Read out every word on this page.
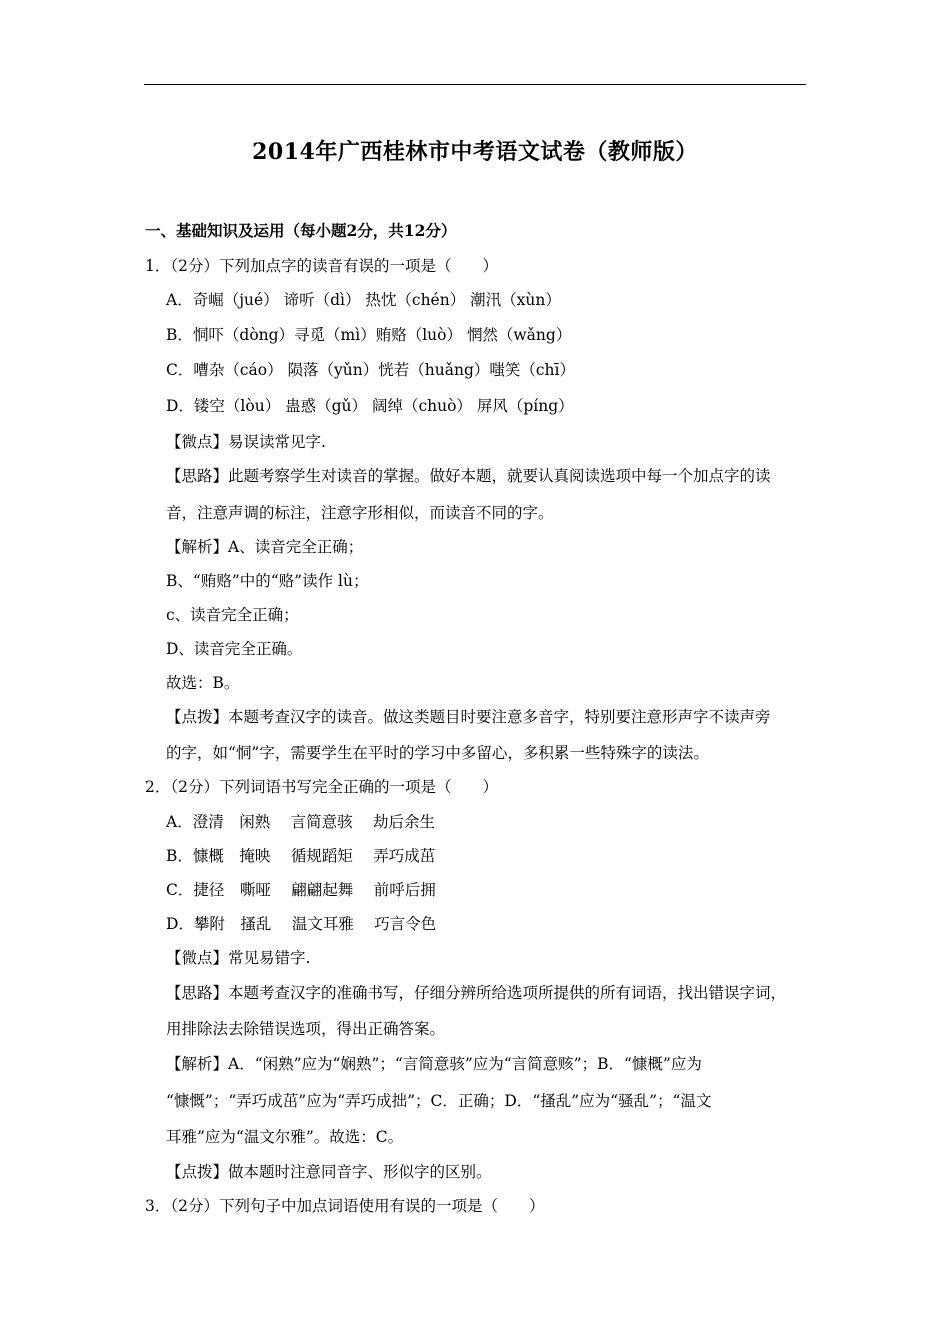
2014年广西桂林市中考语文试卷（教师版）
一、基础知识及运用（每小题2分，共12分）
1．（2分）下列加点字的读音有误的一项是（　　）
A．奇崛（jué） 谛听（dì） 热忱（chén） 潮汛（xùn）
B．恫吓（dòng）寻觅（mì）贿赂（luò） 惘然（wǎng）
C．嘈杂（cáo） 陨落（yǔn）恍若（huǎng）嗤笑（chī）
D．镂空（lòu） 蛊惑（gǔ） 阔绰（chuò） 屏风（píng）
【微点】易误读常见字.
【思路】此题考察学生对读音的掌握。做好本题，就要认真阅读选项中每一个加点字的读
音，注意声调的标注，注意字形相似，而读音不同的字。
【解析】A、读音完全正确；
B、“贿赂”中的“赂”读作 lù；
c、读音完全正确；
D、读音完全正确。
故选：B。
【点拨】本题考查汉字的读音。做这类题目时要注意多音字，特别要注意形声字不读声旁
的字，如“恫”字，需要学生在平时的学习中多留心，多积累一些特殊字的读法。
2．（2分）下列词语书写完全正确的一项是（　　）
A．澄清　闲熟　 言简意骇　 劫后余生
B．慷概　掩映　 循规蹈矩　 弄巧成茁
C．捷径　嘶哑　 翩翩起舞　 前呼后拥
D．攀附　搔乱　 温文耳雅　 巧言令色
【微点】常见易错字.
【思路】本题考查汉字的准确书写，仔细分辨所给选项所提供的所有词语，找出错误字词，
用排除法去除错误选项，得出正确答案。
【解析】A．“闲熟”应为“娴熟”；“言简意骇”应为“言简意赅”；B．“慷概”应为
“慷慨”；“弄巧成茁”应为“弄巧成拙”；C．正确；D．“搔乱”应为“骚乱”；“温文
耳雅”应为“温文尔雅”。故选：C。
【点拨】做本题时注意同音字、形似字的区别。
3．（2分）下列句子中加点词语使用有误的一项是（　　）
